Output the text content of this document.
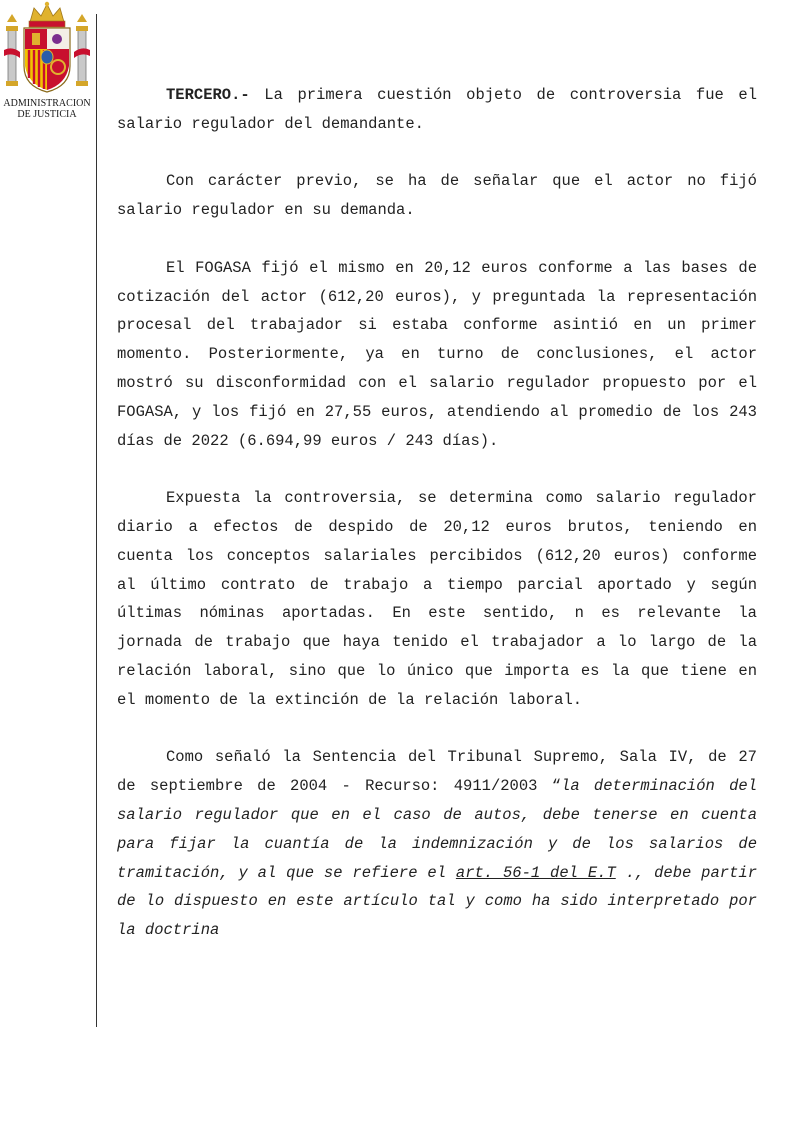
ADMINISTRACION
DE JUSTICIA

TERCERO.- La primera cuestión objeto de controversia fue el salario regulador del demandante.

Con carácter previo, se ha de señalar que el actor no fijó salario regulador en su demanda.

El FOGASA fijó el mismo en 20,12 euros conforme a las bases de cotización del actor (612,20 euros), y preguntada la representación procesal del trabajador si estaba conforme asintió en un primer momento. Posteriormente, ya en turno de conclusiones, el actor mostró su disconformidad con el salario regulador propuesto por el FOGASA, y los fijó en 27,55 euros, atendiendo al promedio de los 243 días de 2022 (6.694,99 euros / 243 días).

Expuesta la controversia, se determina como salario regulador diario a efectos de despido de 20,12 euros brutos, teniendo en cuenta los conceptos salariales percibidos (612,20 euros) conforme al último contrato de trabajo a tiempo parcial aportado y según últimas nóminas aportadas. En este sentido, n es relevante la jornada de trabajo que haya tenido el trabajador a lo largo de la relación laboral, sino que lo único que importa es la que tiene en el momento de la extinción de la relación laboral.

Como señaló la Sentencia del Tribunal Supremo, Sala IV, de 27 de septiembre de 2004 - Recurso: 4911/2003 “la determinación del salario regulador que en el caso de autos, debe tenerse en cuenta para fijar la cuantía de la indemnización y de los salarios de tramitación, y al que se refiere el art. 56-1 del E.T ., debe partir de lo dispuesto en este artículo tal y como ha sido interpretado por la doctrina
